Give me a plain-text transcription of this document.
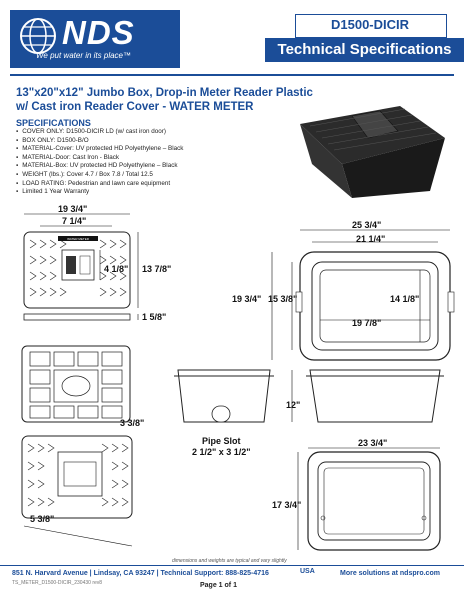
NDS
We put water in its place™
D1500-DICIR
Technical Specifications
13"x20"x12" Jumbo Box, Drop-in Meter Reader Plastic
w/ Cast iron Reader Cover - WATER METER
SPECIFICATIONS
▪ COVER ONLY: D1500-DICIR LD (w/ cast iron door)
▪ BOX ONLY: D1500-B/O
▪ MATERIAL-Cover: UV protected HD Polyethylene – Black
▪ MATERIAL-Door: Cast Iron - Black
▪ MATERIAL-Box: UV protected HD Polyethylene – Black
▪ WEIGHT (lbs.): Cover 4.7 / Box 7.8 / Total 12.5
▪ LOAD RATING: Pedestrian and lawn care equipment
▪ Limited 1 Year Warranty
WATER METER
19 3/4"
7 1/4"
4 1/8" 13 7/8"
1 5/8"
3 3/8"
5 3/8"
25 3/4"
21 1/4"
19 3/4" 15 3/8"	14 1/8"
19 7/8"
12"
23 3/4"
17 3/4"
Pipe Slot
2 1/2" x 3 1/2"
dimensions and weights are typical and vary slightly
851 N. Harvard Avenue | Lindsay, CA 93247 | Technical Support: 888-825-4716	USA	More solutions at ndspro.com
TS_METER_D1500-DICIR_230430 rev8	Page 1 of 1
